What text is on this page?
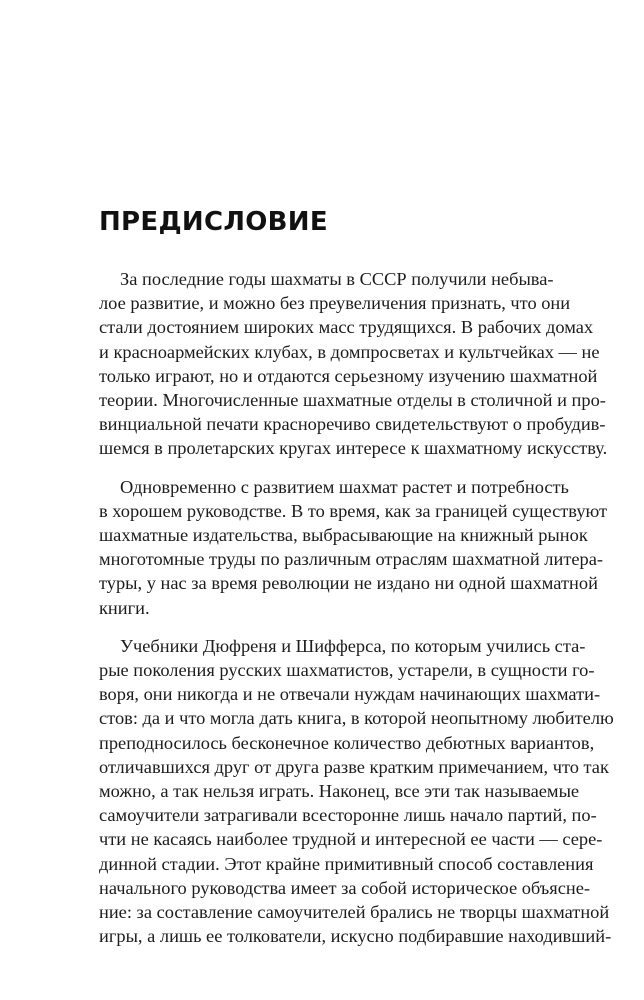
ПРЕДИСЛОВИЕ
За последние годы шахматы в СССР получили небыва-
лое развитие, и можно без преувеличения признать, что они
стали достоянием широких масс трудящихся. В рабочих домах
и красноармейских клубах, в домпросветах и культчейках — не
только играют, но и отдаются серьезному изучению шахматной
теории. Многочисленные шахматные отделы в столичной и про-
винциальной печати красноречиво свидетельствуют о пробудив-
шемся в пролетарских кругах интересе к шахматному искусству.
Одновременно с развитием шахмат растет и потребность
в хорошем руководстве. В то время, как за границей существуют
шахматные издательства, выбрасывающие на книжный рынок
многотомные труды по различным отраслям шахматной литера-
туры, у нас за время революции не издано ни одной шахматной
книги.
Учебники Дюфреня и Шифферса, по которым учились ста-
рые поколения русских шахматистов, устарели, в сущности го-
воря, они никогда и не отвечали нуждам начинающих шахмати-
стов: да и что могла дать книга, в которой неопытному любителю
преподносилось бесконечное количество дебютных вариантов,
отличавшихся друг от друга разве кратким примечанием, что так
можно, а так нельзя играть. Наконец, все эти так называемые
самоучители затрагивали всесторонне лишь начало партий, по-
чти не касаясь наиболее трудной и интересной ее части — сере-
динной стадии. Этот крайне примитивный способ составления
начального руководства имеет за собой историческое объясне-
ние: за составление самоучителей брались не творцы шахматной
игры, а лишь ее толкователи, искусно подбиравшие находивший-
